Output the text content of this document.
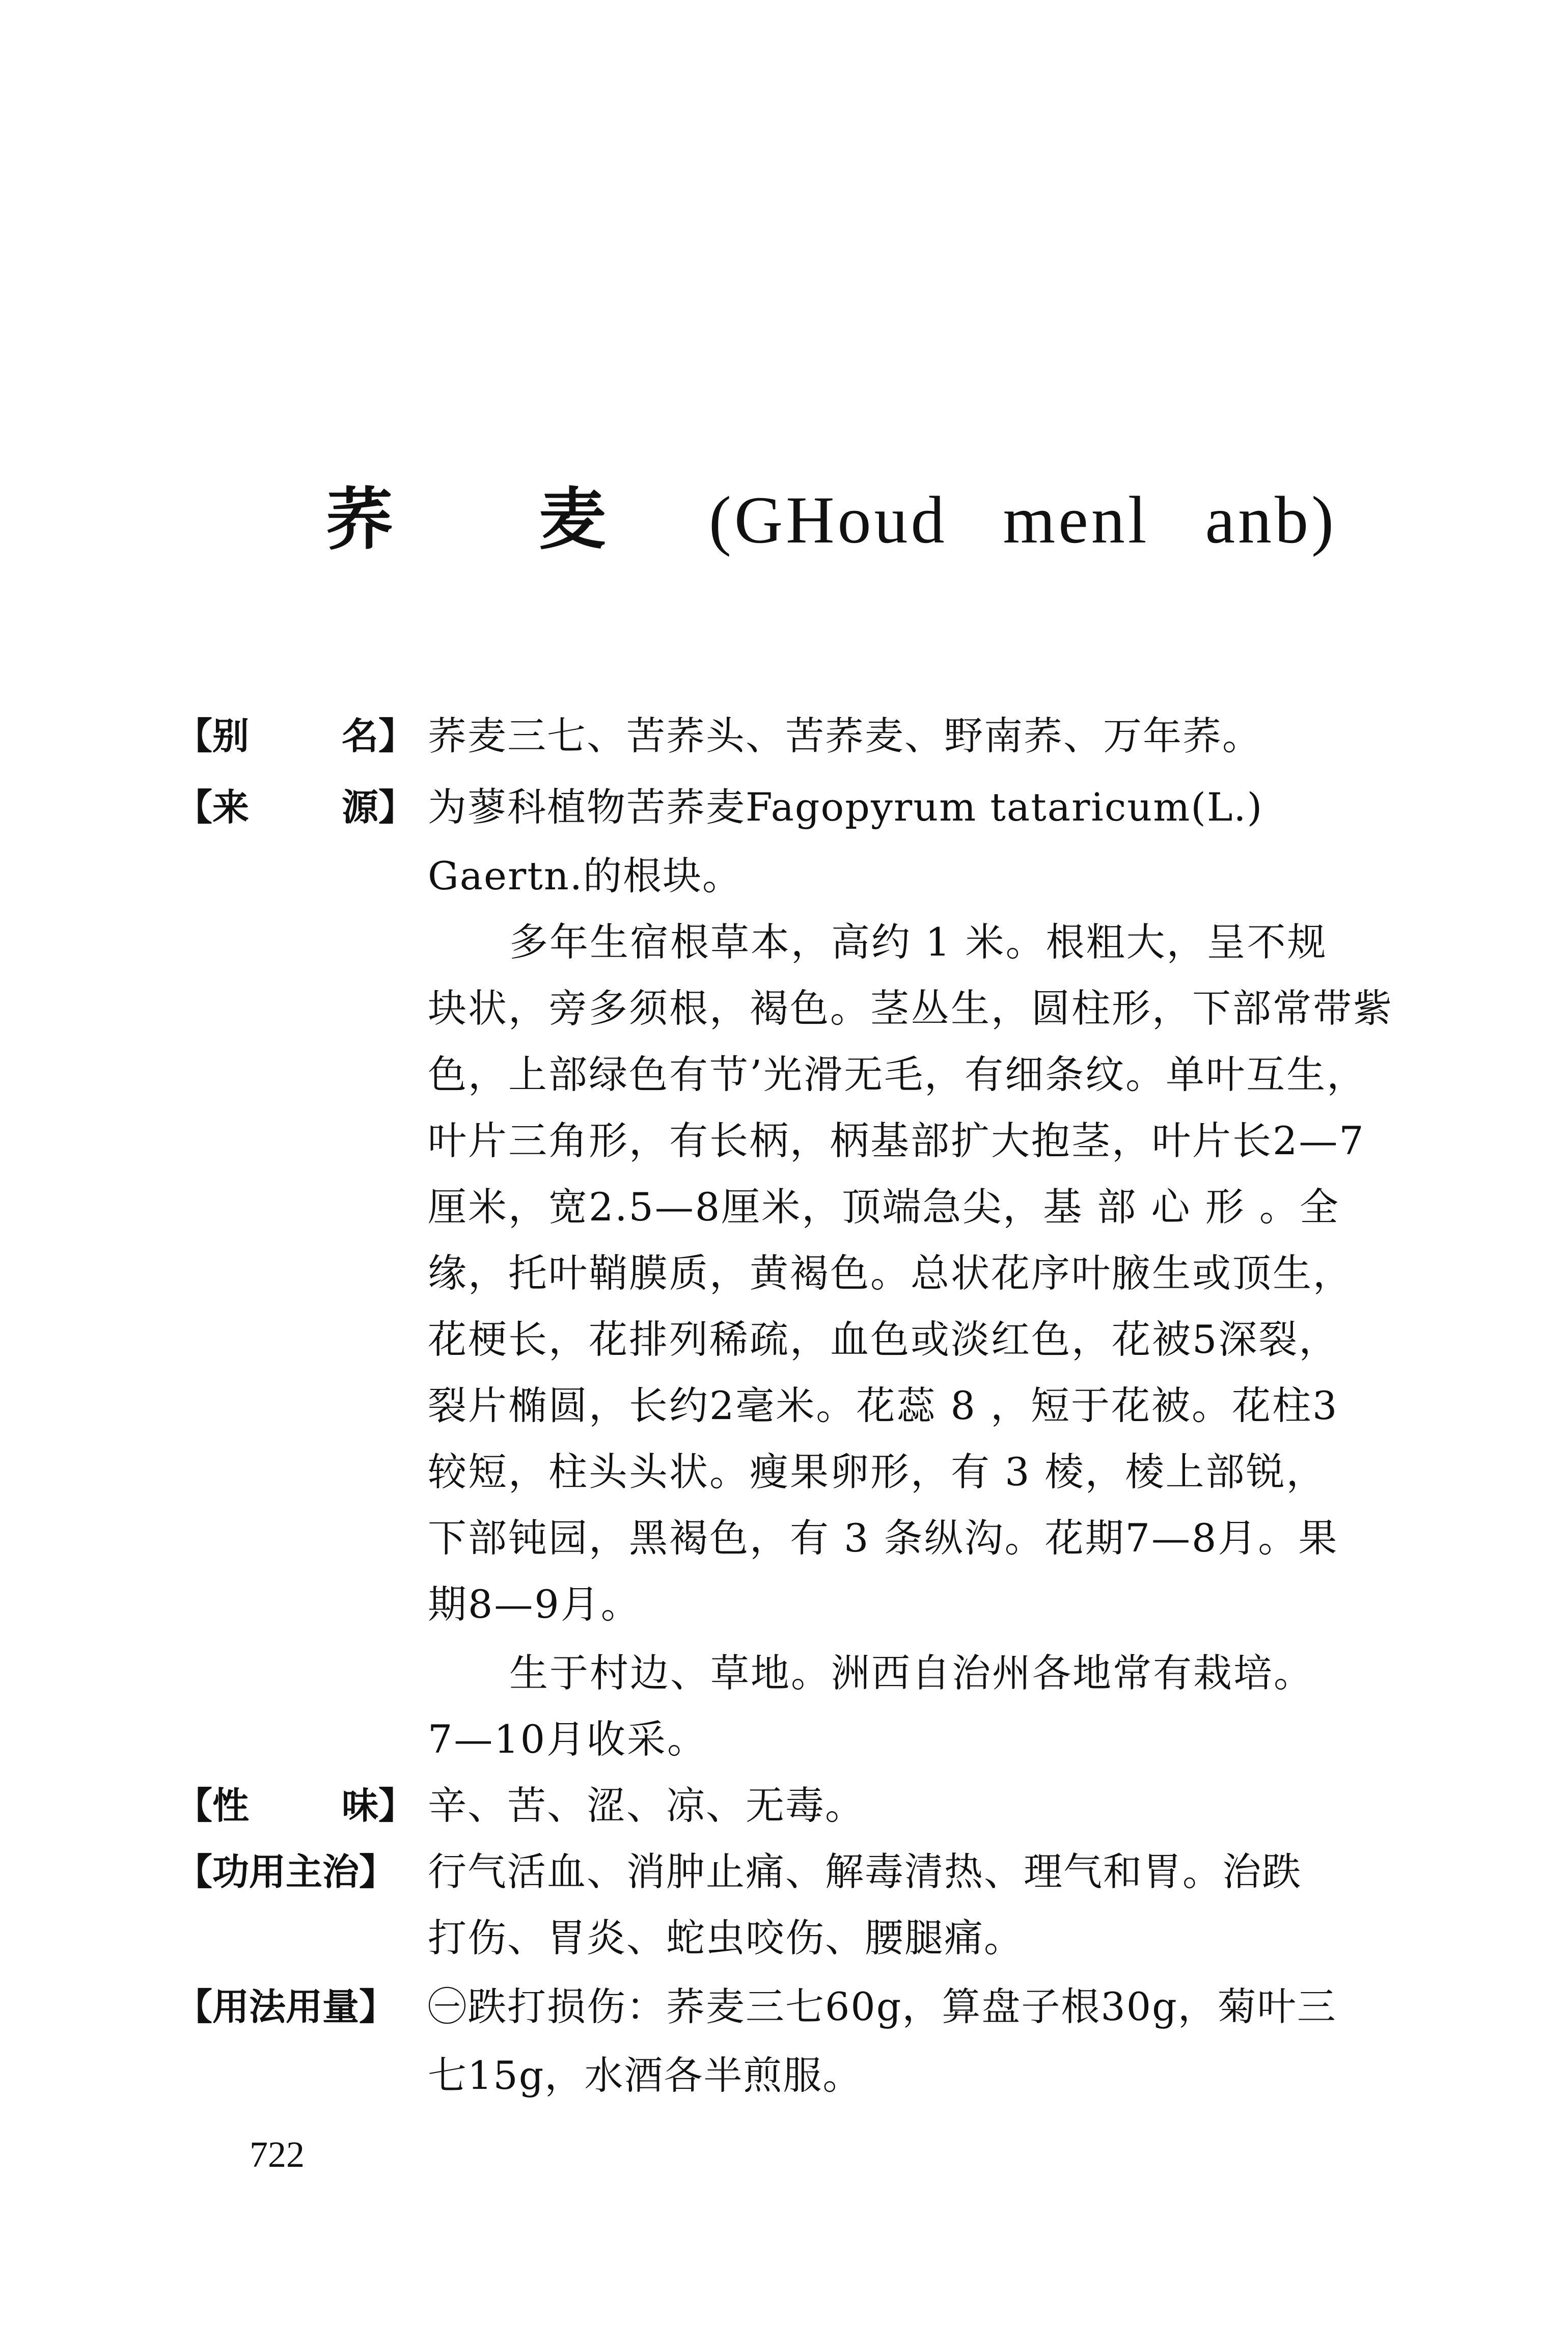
荞 麦 (GHoud menl anb)
【别	名】 荞麦三七、苦荞头、苦荞麦、野南荞、万年荞。
【来	源】 为蓼科植物苦荞麦Fagopyrum tataricum(L.)
Gaertn.的根块。
多年生宿根草本，高约 1 米。根粗大，呈不规
块状，旁多须根，褐色。茎丛生，圆柱形，下部常带紫
色，上部绿色有节’光滑无毛，有细条纹。单叶互生，
叶片三角形，有长柄，柄基部扩大抱茎，叶片长2—7
厘米，宽2.5—8厘米，顶端急尖，基 部 心 形 。全
缘，托叶鞘膜质，黄褐色。总状花序叶腋生或顶生，
花梗长，花排列稀疏，血色或淡红色，花被5深裂，
裂片椭圆，长约2毫米。花蕊 8 ，短于花被。花柱3
较短，柱头头状。瘦果卵形，有 3 棱，棱上部锐，
下部钝园，黑褐色，有 3 条纵沟。花期7—8月。果
期8—9月。
生于村边、草地。洲西自治州各地常有栽培。
7—10月收采。
【性	味】 辛、苦、涩、凉、无毒。
【功用主治】 行气活血、消肿止痛、解毒清热、理气和胃。治跌
打伤、胃炎、蛇虫咬伤、腰腿痛。
【用法用量】 ㊀跌打损伤：荞麦三七60g，算盘子根30g，菊叶三
七15g，水酒各半煎服。
722
